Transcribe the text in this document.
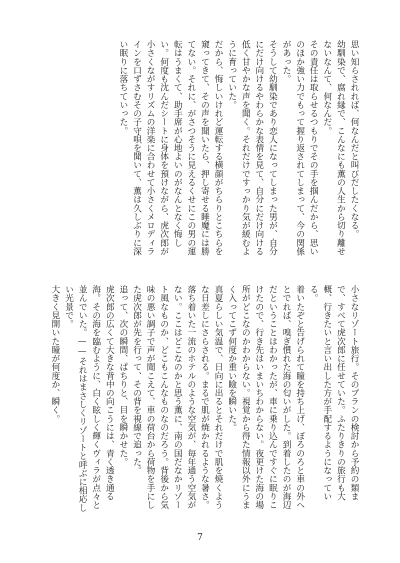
思い知らされれば、何なんだと叫びだしたくなる。

幼馴染で、腐れ縁で、こんなにも薫の人生から切り離せないなんて、何なんだ。

その責任は取らせるつもりでその手を掴んだから、思いのほか強い力でもって握り返されてしまって、今の関係があった。

そうして幼馴染であり恋人になってしまった男が、自分にだけ向けるやわらかな表情を見て、自分にだけ向ける低く甘やかな声を聞く。それだけですっかり気が緩むように育っていた。

だから、悔しいけれど運転する横顔がちらりとこちらを窺ってきて、その声を聞いたら、押し寄せる睡魔には勝てない。それに、がさつそうに見えるくせにこの男の運転はうまくて、助手席が心地よいのがなんとなく悔しい。何度も沈んだシートに身体を預けながら、虎次郎が小さくながすリズムの洋楽に合わせて小さくメロディラインを口ずさむその子守唄を聞いて、薫は久しぶりに深い眠りに落ちていった。

小さなリゾート旅行。そのプランの検討から予約の類まで、すべて虎次郎に任せていた。ふたりきりの旅行も大概、行きたいと言い出した方が手配するようになっている。

着いたぞと告げられて瞳を持ち上げ、ぼろのろと車の外へとでれば、嗅ぎ慣れた海の匂いがした。到着したのが海辺だということはわかったが、車に乗り込んですぐに眠りこけたので、行き先はいまいちわからない。夜更けた海の場所がどこなのかわからない。視覚から得た情報以外にうまく入ってこず何度か重い瞼を瞬いた。

真夏らしい気温で、日向に出るとそれだけで肌を焼くような日差しにさらされる。まるで肌が焼かれるような暑さ。落ち着いた一流のホテルのような空気が、毎年通う空気がない。ここはどこなのかと思う薫に、南の国だなかリゾート風なものか、どこもこんなものなのだろう。背後から気味の悪い調子で声が聞こえて、車の荷台から荷物を手にした虎次郎が先を行って、その背を視線で追った。

追って、次の瞬間、ぱちりと、目を瞬かせた。

虎次郎の広くて大きな背中の向こうには、青く透き通る海。その海を臨むように、白く眩しく輝くヴィラが点々と並んでいた。——それはまさしくリゾートと呼ぶに相応しい光景で。

大きく見開いた瞳が何度か、瞬く。

7
